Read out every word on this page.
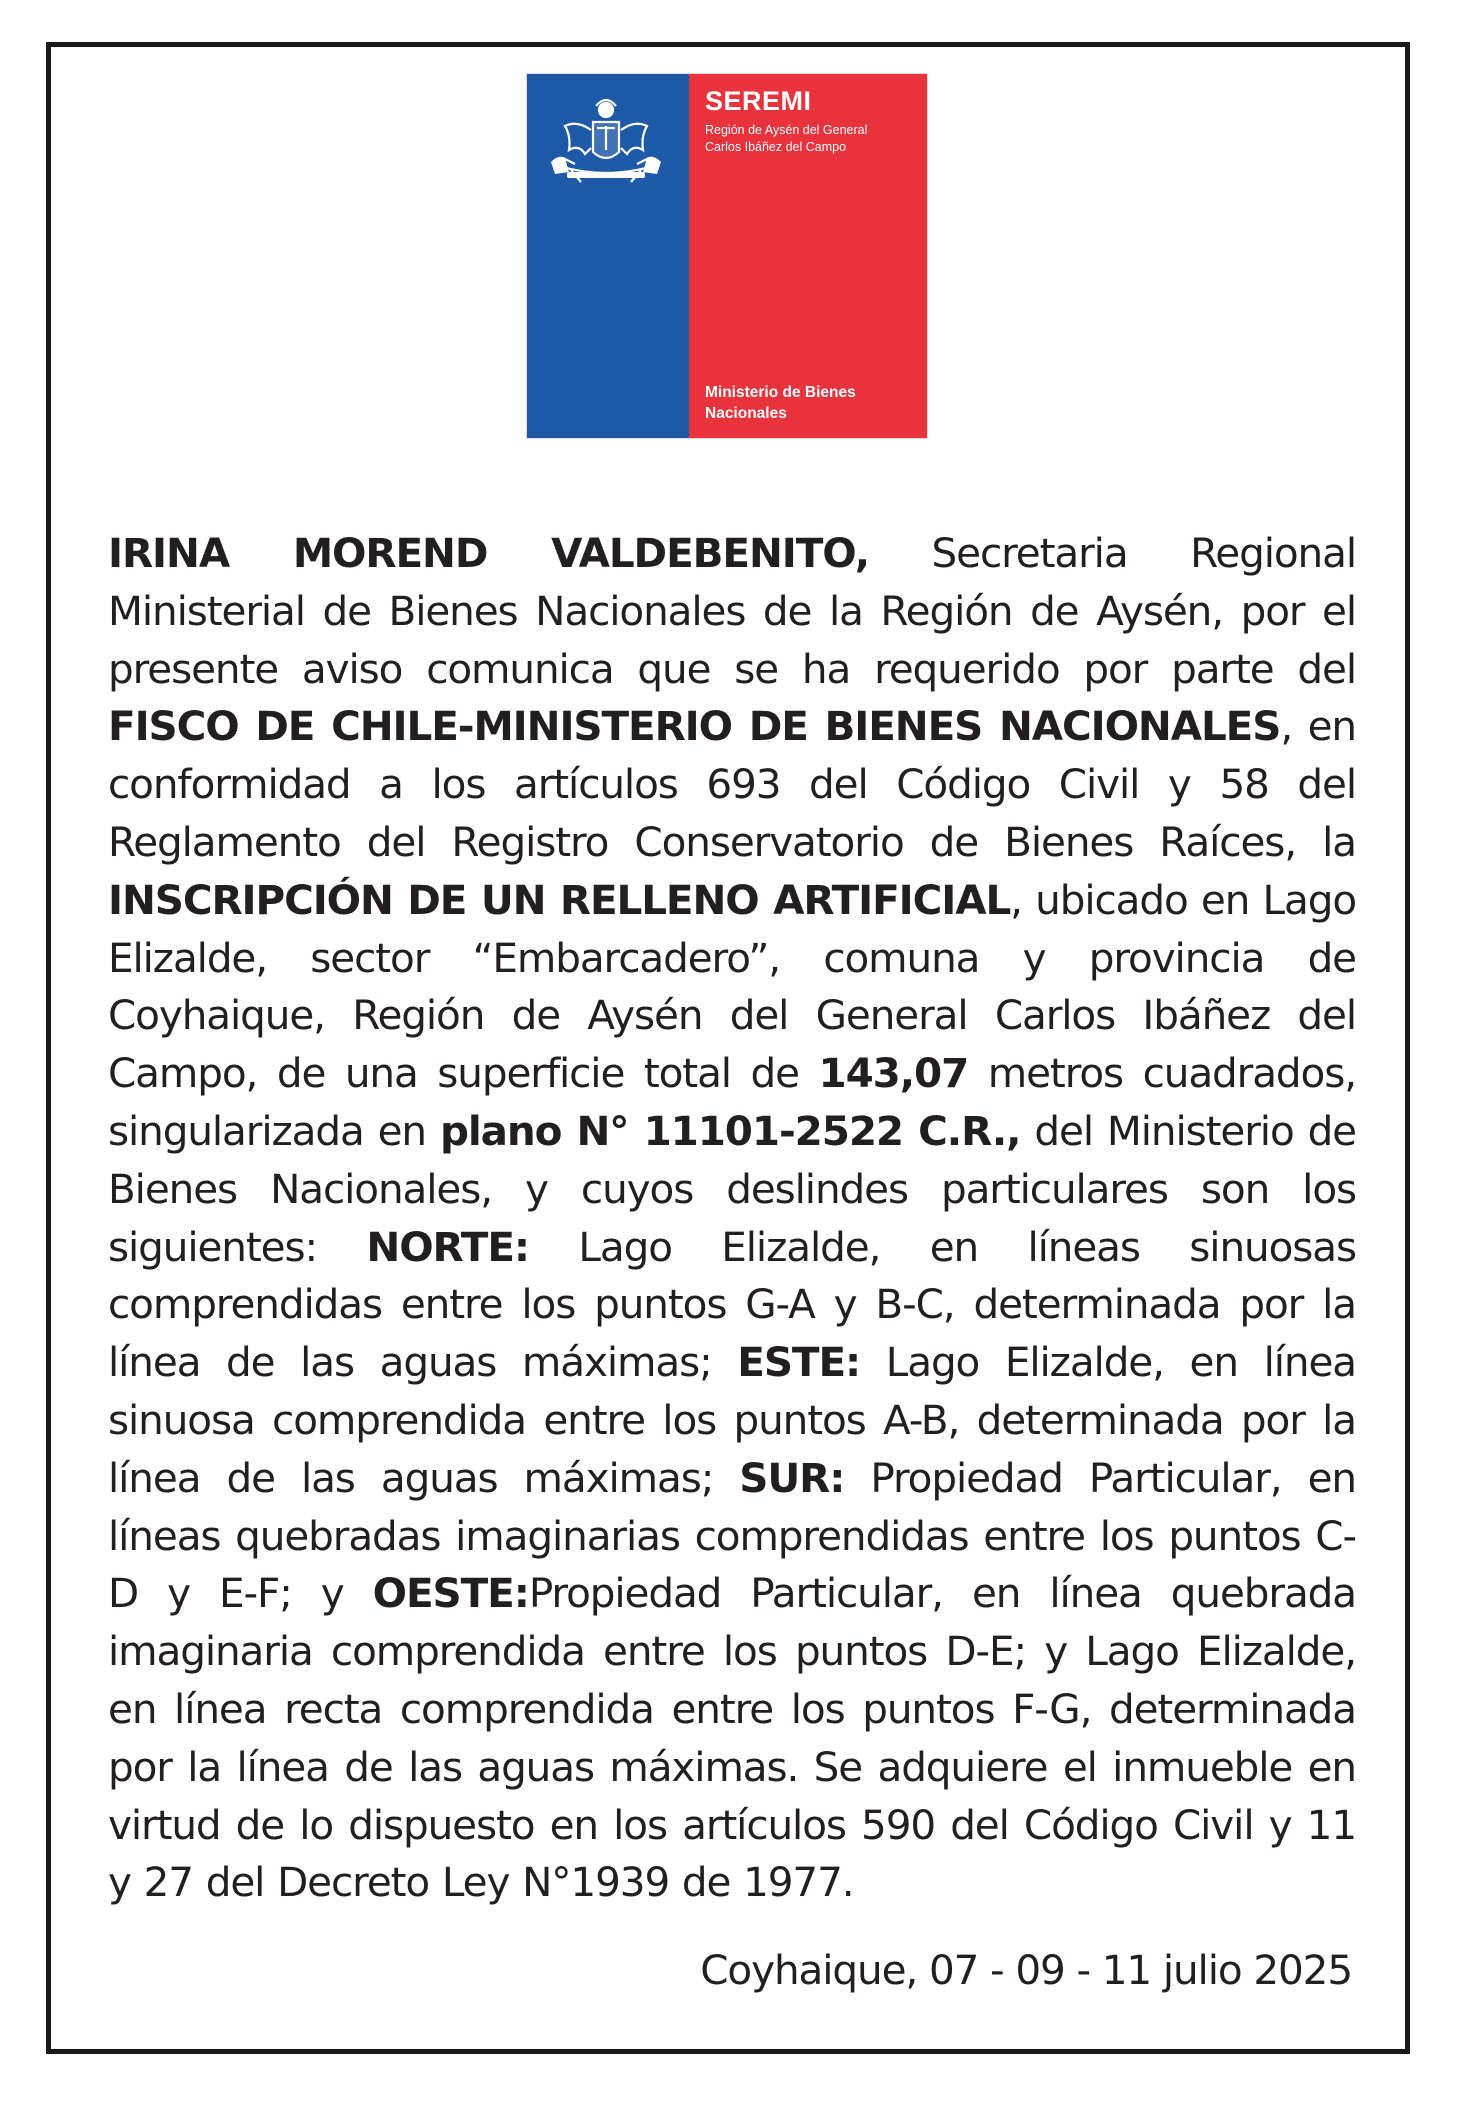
SEREMI
Región de Aysén del General Carlos Ibáñez del Campo
Ministerio de Bienes Nacionales
IRINA MOREND VALDEBENITO, Secretaria Regional Ministerial de Bienes Nacionales de la Región de Aysén, por el presente aviso comunica que se ha requerido por parte del FISCO DE CHILE-MINISTERIO DE BIENES NACIONALES, en conformidad a los artículos 693 del Código Civil y 58 del Reglamento del Registro Conservatorio de Bienes Raíces, la INSCRIPCIÓN DE UN RELLENO ARTIFICIAL, ubicado en Lago Elizalde, sector “Embarcadero”, comuna y provincia de Coyhaique, Región de Aysén del General Carlos Ibáñez del Campo, de una superficie total de 143,07 metros cuadrados, singularizada en plano N° 11101-2522 C.R., del Ministerio de Bienes Nacionales, y cuyos deslindes particulares son los siguientes: NORTE: Lago Elizalde, en líneas sinuosas comprendidas entre los puntos G-A y B-C, determinada por la línea de las aguas máximas; ESTE: Lago Elizalde, en línea sinuosa comprendida entre los puntos A-B, determinada por la línea de las aguas máximas; SUR: Propiedad Particular, en líneas quebradas imaginarias comprendidas entre los puntos C-D y E-F; y OESTE:Propiedad Particular, en línea quebrada imaginaria comprendida entre los puntos D-E; y Lago Elizalde, en línea recta comprendida entre los puntos F-G, determinada por la línea de las aguas máximas. Se adquiere el inmueble en virtud de lo dispuesto en los artículos 590 del Código Civil y 11 y 27 del Decreto Ley N°1939 de 1977.
Coyhaique, 07 - 09 - 11 julio 2025
